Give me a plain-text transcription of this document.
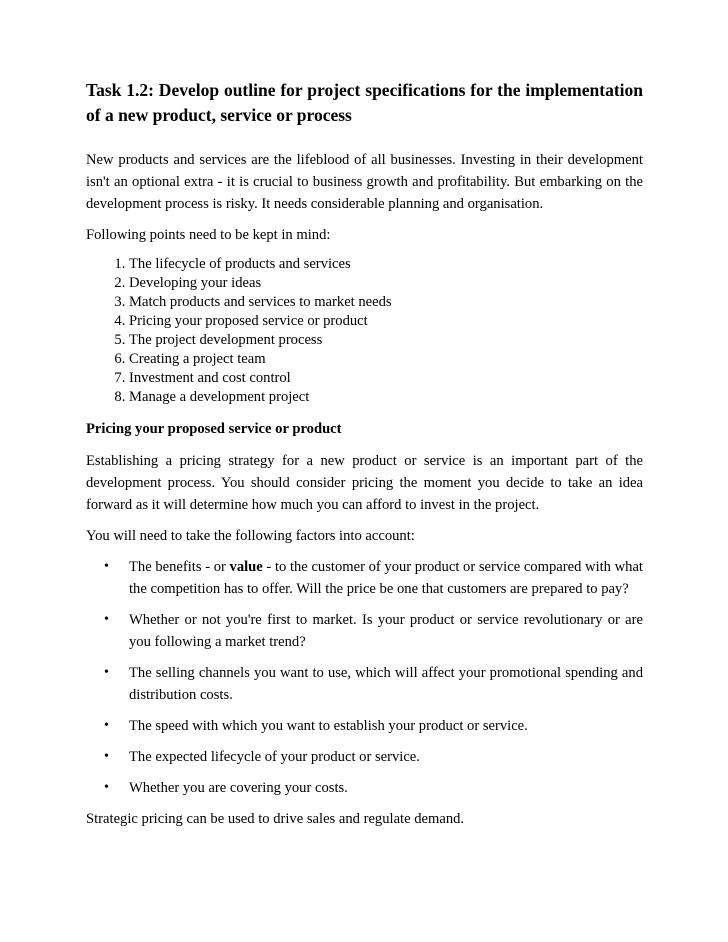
Task 1.2: Develop outline for project specifications for the implementation of a new product, service or process

New products and services are the lifeblood of all businesses. Investing in their development isn't an optional extra - it is crucial to business growth and profitability. But embarking on the development process is risky. It needs considerable planning and organisation.

Following points need to be kept in mind:

1. The lifecycle of products and services
2. Developing your ideas
3. Match products and services to market needs
4. Pricing your proposed service or product
5. The project development process
6. Creating a project team
7. Investment and cost control
8. Manage a development project
Pricing your proposed service or product

Establishing a pricing strategy for a new product or service is an important part of the development process. You should consider pricing the moment you decide to take an idea forward as it will determine how much you can afford to invest in the project.

You will need to take the following factors into account:

• The benefits - or value - to the customer of your product or service compared with what the competition has to offer. Will the price be one that customers are prepared to pay?
• Whether or not you're first to market. Is your product or service revolutionary or are you following a market trend?
• The selling channels you want to use, which will affect your promotional spending and distribution costs.
• The speed with which you want to establish your product or service.
• The expected lifecycle of your product or service.
• Whether you are covering your costs.

Strategic pricing can be used to drive sales and regulate demand.
